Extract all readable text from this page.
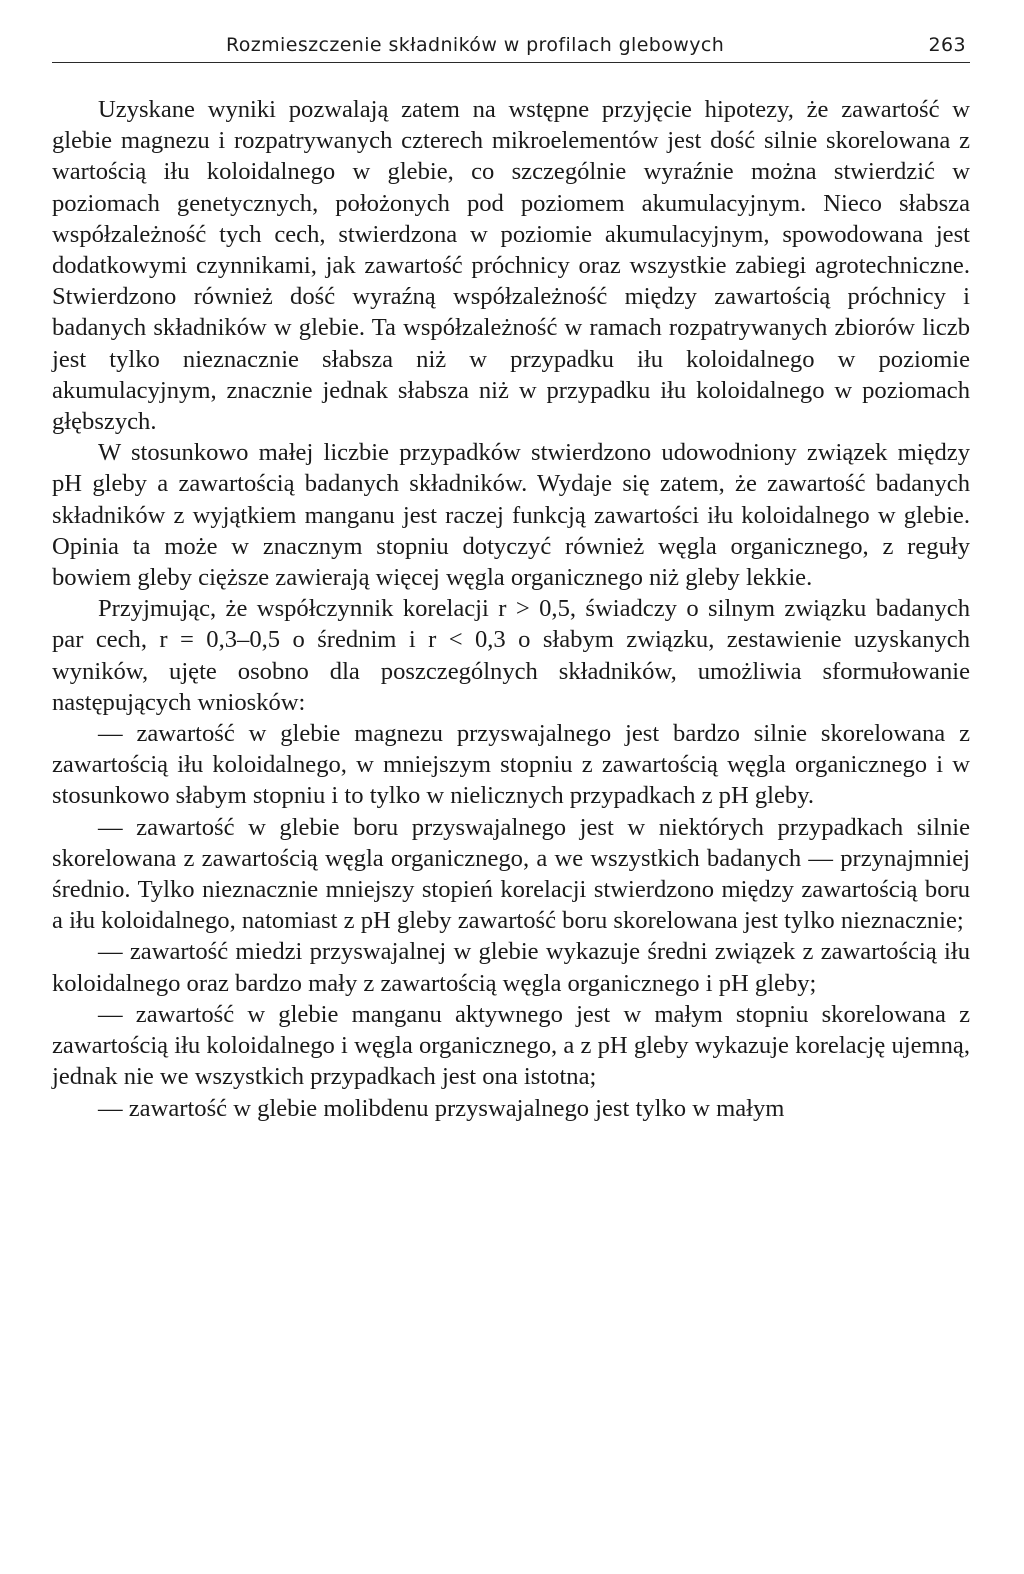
Rozmieszczenie składników w profilach glebowych	263

Uzyskane wyniki pozwalają zatem na wstępne przyjęcie hipotezy, że zawartość w glebie magnezu i rozpatrywanych czterech mikroelementów jest dość silnie skorelowana z wartością iłu koloidalnego w glebie, co szczególnie wyraźnie można stwierdzić w poziomach genetycznych, położonych pod poziomem akumulacyjnym. Nieco słabsza współzależność tych cech, stwierdzona w poziomie akumulacyjnym, spowodowana jest dodatkowymi czynnikami, jak zawartość próchnicy oraz wszystkie zabiegi agrotechniczne. Stwierdzono również dość wyraźną współzależność między zawartością próchnicy i badanych składników w glebie. Ta współzależność w ramach rozpatrywanych zbiorów liczb jest tylko nieznacznie słabsza niż w przypadku iłu koloidalnego w poziomie akumulacyjnym, znacznie jednak słabsza niż w przypadku iłu koloidalnego w poziomach głębszych.

W stosunkowo małej liczbie przypadków stwierdzono udowodniony związek między pH gleby a zawartością badanych składników. Wydaje się zatem, że zawartość badanych składników z wyjątkiem manganu jest raczej funkcją zawartości iłu koloidalnego w glebie. Opinia ta może w znacznym stopniu dotyczyć również węgla organicznego, z reguły bowiem gleby cięższe zawierają więcej węgla organicznego niż gleby lekkie.

Przyjmując, że współczynnik korelacji r > 0,5, świadczy o silnym związku badanych par cech, r = 0,3–0,5 o średnim i r < 0,3 o słabym związku, zestawienie uzyskanych wyników, ujęte osobno dla poszczególnych składników, umożliwia sformułowanie następujących wniosków:

— zawartość w glebie magnezu przyswajalnego jest bardzo silnie skorelowana z zawartością iłu koloidalnego, w mniejszym stopniu z zawartością węgla organicznego i w stosunkowo słabym stopniu i to tylko w nielicznych przypadkach z pH gleby.

— zawartość w glebie boru przyswajalnego jest w niektórych przypadkach silnie skorelowana z zawartością węgla organicznego, a we wszystkich badanych — przynajmniej średnio. Tylko nieznacznie mniejszy stopień korelacji stwierdzono między zawartością boru a iłu koloidalnego, natomiast z pH gleby zawartość boru skorelowana jest tylko nieznacznie;

— zawartość miedzi przyswajalnej w glebie wykazuje średni związek z zawartością iłu koloidalnego oraz bardzo mały z zawartością węgla organicznego i pH gleby;

— zawartość w glebie manganu aktywnego jest w małym stopniu skorelowana z zawartością iłu koloidalnego i węgla organicznego, a z pH gleby wykazuje korelację ujemną, jednak nie we wszystkich przypadkach jest ona istotna;

— zawartość w glebie molibdenu przyswajalnego jest tylko w małym
